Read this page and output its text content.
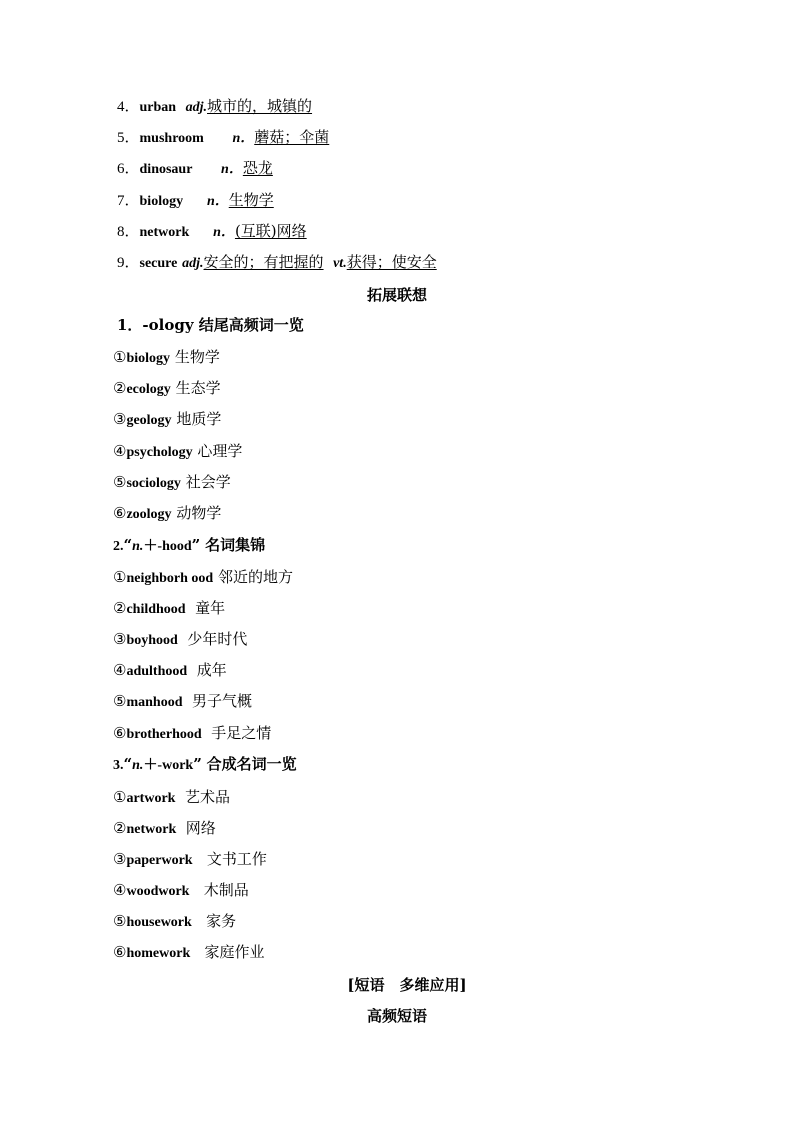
4．urban adj.城市的，城镇的
5．mushroom n．蘑菇；伞菌
6．dinosaur n．恐龙
7．biology n．生物学
8．network n．(互联)网络
9．secure adj.安全的；有把握的 vt.获得；使安全
拓展联想
1．-ology 结尾高频词一览
①biology 生物学
②ecology 生态学
③geology 地质学
④psychology 心理学
⑤sociology 社会学
⑥zoology 动物学
2.“n.＋-hood” 名词集锦
①neighborh ood 邻近的地方
②childhood 童年
③boyhood 少年时代
④adulthood 成年
⑤manhood 男子气概
⑥brotherhood 手足之情
3.“n.＋-work” 合成名词一览
①artwork 艺术品
②network 网络
③paperwork 文书工作
④woodwork 木制品
⑤housework 家务
⑥homework 家庭作业
[短语　多维应用]
高频短语
